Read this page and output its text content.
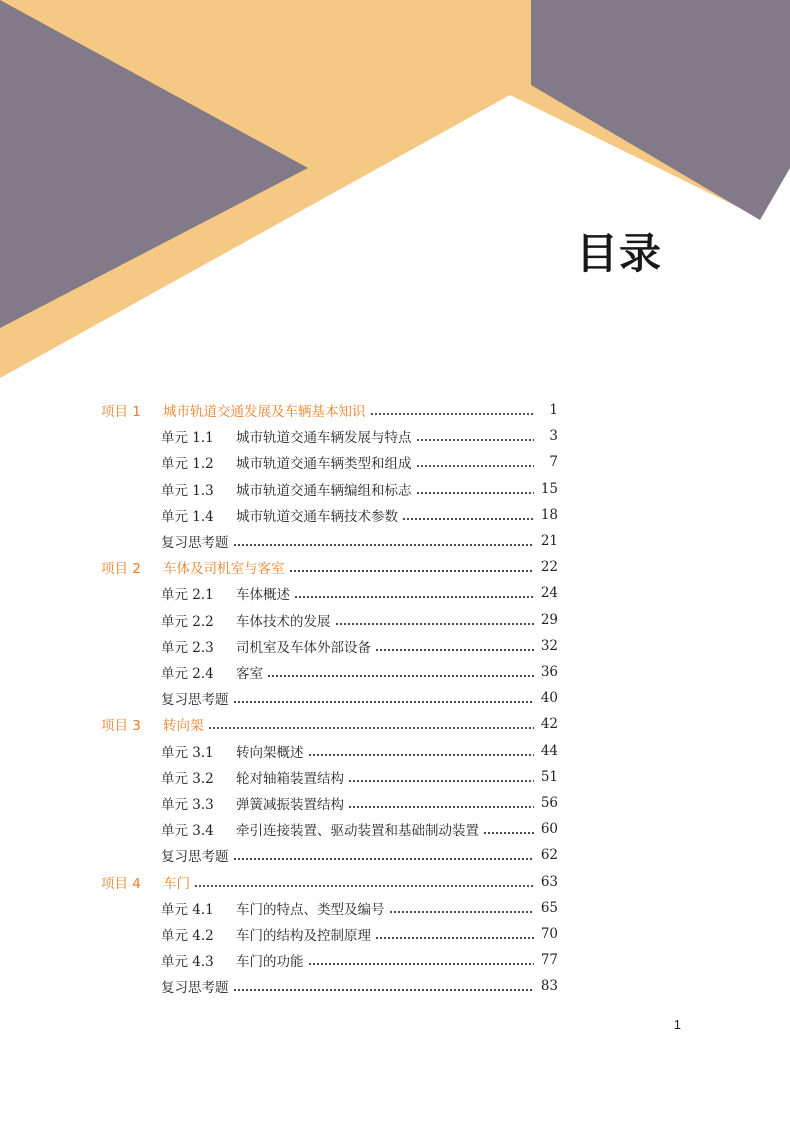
目录
项目 1	城市轨道交通发展及车辆基本知识	1
单元 1.1	城市轨道交通车辆发展与特点	3
单元 1.2	城市轨道交通车辆类型和组成	7
单元 1.3	城市轨道交通车辆编组和标志	15
单元 1.4	城市轨道交通车辆技术参数	18
复习思考题	21
项目 2	车体及司机室与客室	22
单元 2.1	车体概述	24
单元 2.2	车体技术的发展	29
单元 2.3	司机室及车体外部设备	32
单元 2.4	客室	36
复习思考题	40
项目 3	转向架	42
单元 3.1	转向架概述	44
单元 3.2	轮对轴箱装置结构	51
单元 3.3	弹簧减振装置结构	56
单元 3.4	牵引连接装置、驱动装置和基础制动装置	60
复习思考题	62
项目 4	车门	63
单元 4.1	车门的特点、类型及编号	65
单元 4.2	车门的结构及控制原理	70
单元 4.3	车门的功能	77
复习思考题	83
1
